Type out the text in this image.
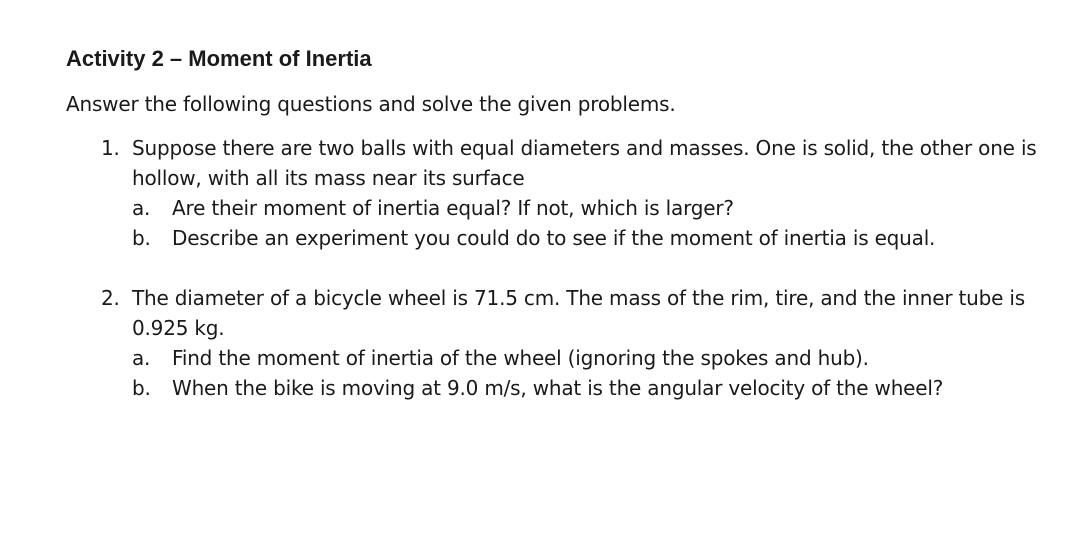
Activity 2 – Moment of Inertia

Answer the following questions and solve the given problems.

1. Suppose there are two balls with equal diameters and masses. One is solid, the other one is hollow, with all its mass near its surface
a. Are their moment of inertia equal? If not, which is larger?
b. Describe an experiment you could do to see if the moment of inertia is equal.
2. The diameter of a bicycle wheel is 71.5 cm. The mass of the rim, tire, and the inner tube is 0.925 kg.
a. Find the moment of inertia of the wheel (ignoring the spokes and hub).
b. When the bike is moving at 9.0 m/s, what is the angular velocity of the wheel?
